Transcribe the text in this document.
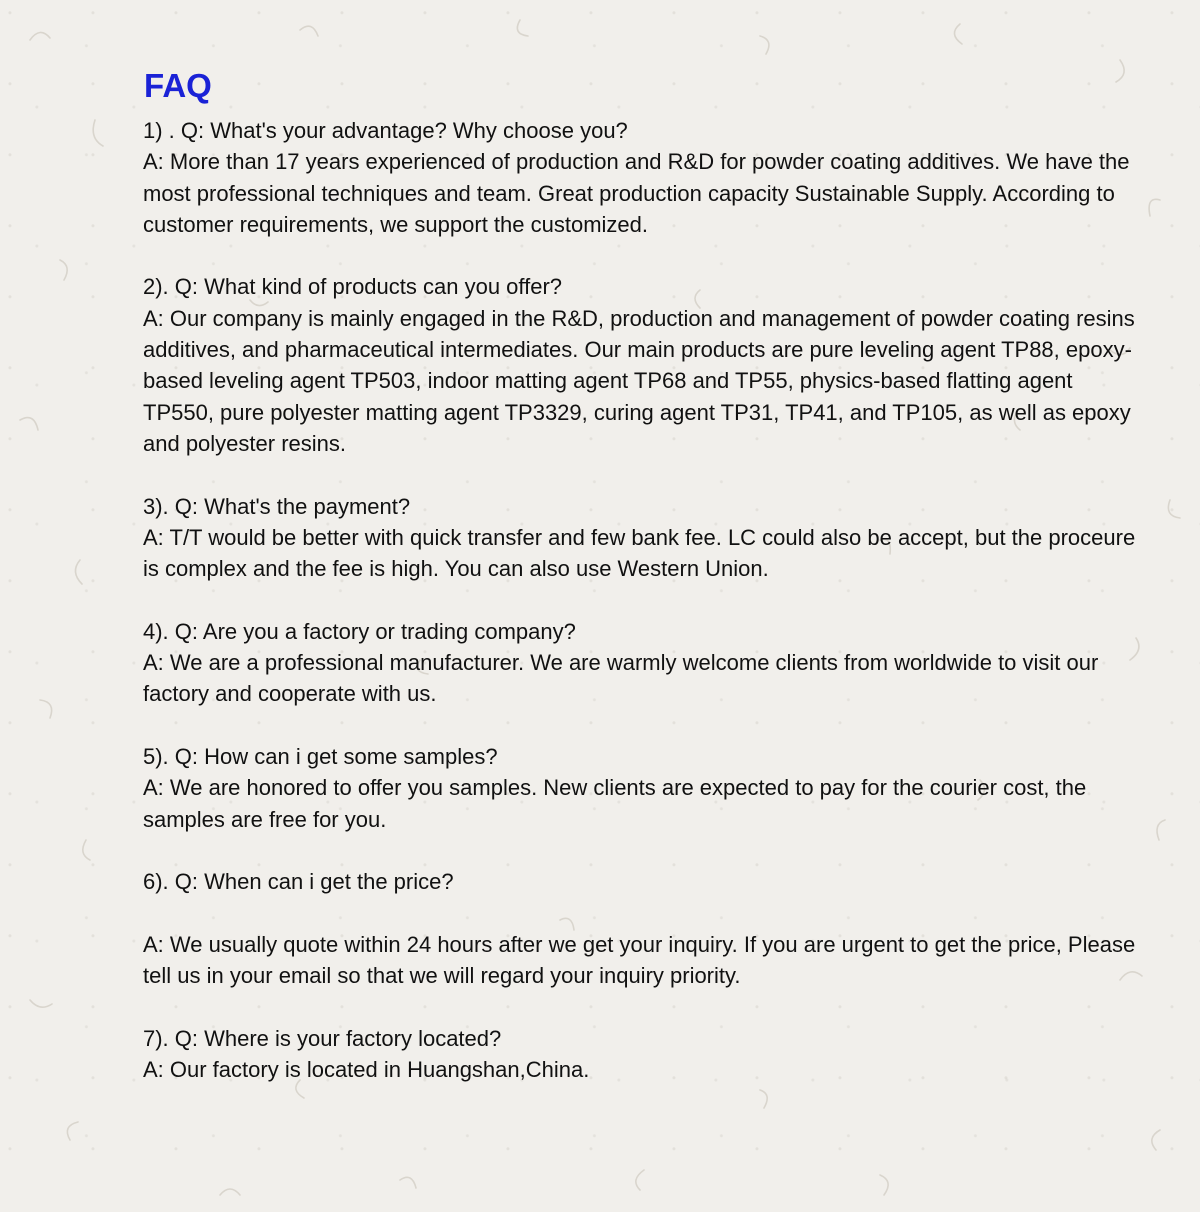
FAQ

1) . Q: What's your advantage? Why choose you?

A: More than 17 years experienced of production and R&D for powder coating additives. We have the most professional techniques and team. Great production capacity Sustainable Supply. According to customer requirements, we support the customized.

2). Q: What kind of products can you offer?

A: Our company is mainly engaged in the R&D, production and management of powder coating resins additives, and pharmaceutical intermediates. Our main products are pure leveling agent TP88, epoxy-based leveling agent TP503, indoor matting agent TP68 and TP55, physics-based flatting agent TP550, pure polyester matting agent TP3329, curing agent TP31, TP41, and TP105, as well as epoxy and polyester resins.

3). Q: What's the payment?

A: T/T would be better with quick transfer and few bank fee. LC could also be accept, but the proceure is complex and the fee is high. You can also use Western Union.

4). Q: Are you a factory or trading company?

A: We are a professional manufacturer. We are warmly welcome clients from worldwide to visit our factory and cooperate with us.

5). Q: How can i get some samples?

A: We are honored to offer you samples. New clients are expected to pay for the courier cost, the samples are free for you.

6). Q: When can i get the price?

A: We usually quote within 24 hours after we get your inquiry. If you are urgent to get the price, Please tell us in your email so that we will regard your inquiry priority.

7). Q: Where is your factory located?

A: Our factory is located in Huangshan,China.
